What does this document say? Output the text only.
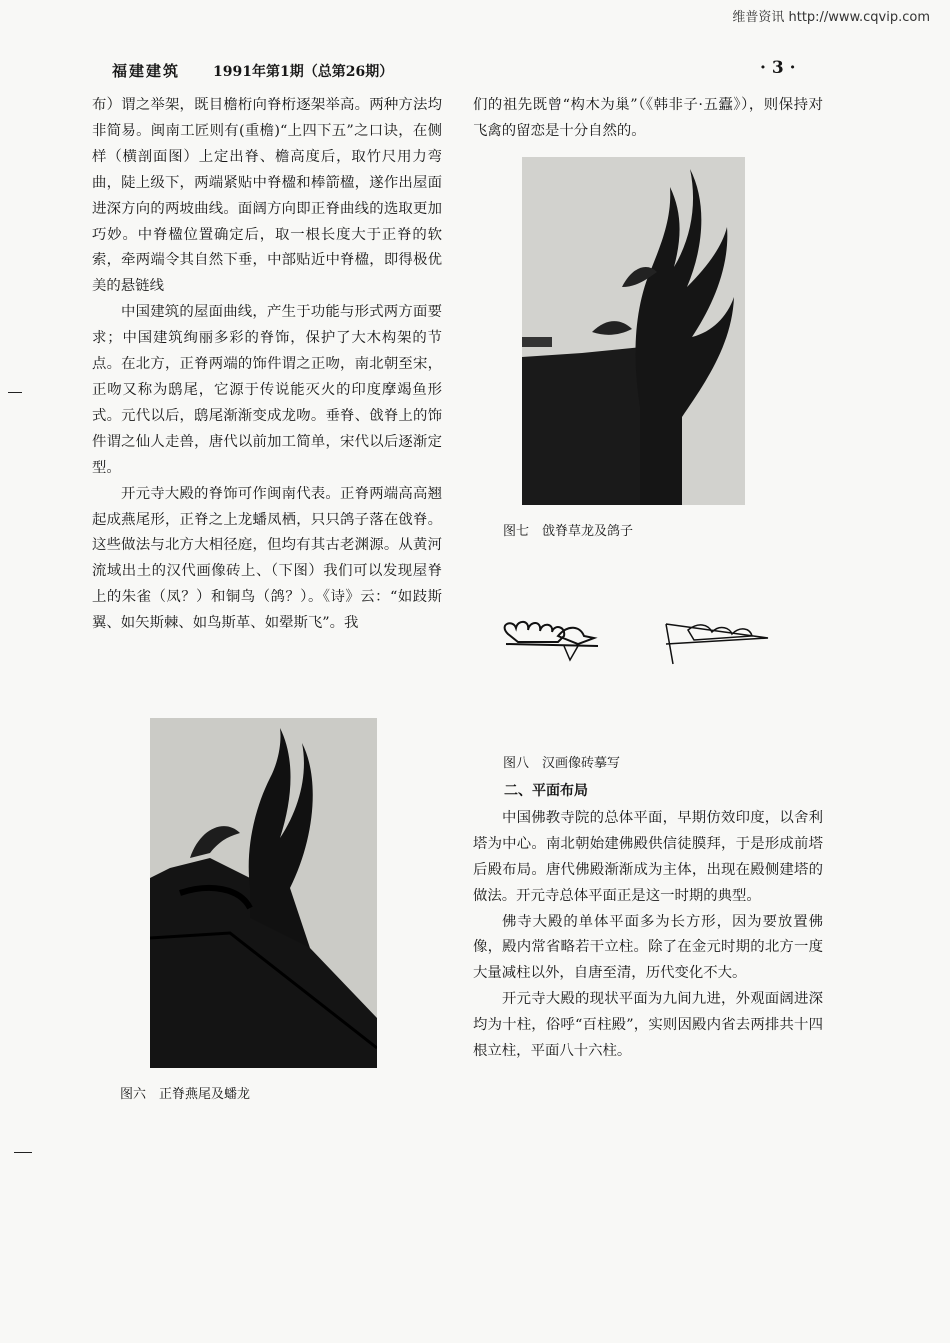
维普资讯 http://www.cqvip.com
福建建筑 1991年第1期（总第26期）	· 3 ·

布）谓之举架，既目檐桁向脊桁逐架举高。两种方法均非简易。闽南工匠则有(重檐)“上四下五”之口诀，在侧样（横剖面图）上定出脊、檐高度后，取竹尺用力弯曲，陡上级下，两端紧贴中脊楹和棒箭楹，遂作出屋面进深方向的两坡曲线。面阔方向即正脊曲线的选取更加巧妙。中脊楹位置确定后，取一根长度大于正脊的软索，牵两端令其自然下垂，中部贴近中脊楹，即得极优美的悬链线

中国建筑的屋面曲线，产生于功能与形式两方面要求；中国建筑绚丽多彩的脊饰，保护了大木构架的节点。在北方，正脊两端的饰件谓之正吻，南北朝至宋，正吻又称为鸱尾，它源于传说能灭火的印度摩竭鱼形式。元代以后，鸱尾渐渐变成龙吻。垂脊、戗脊上的饰件谓之仙人走兽，唐代以前加工简单，宋代以后逐渐定型。

开元寺大殿的脊饰可作闽南代表。正脊两端高高翘起成燕尾形，正脊之上龙蟠凤栖，只只鸽子落在戗脊。这些做法与北方大相径庭，但均有其古老渊源。从黄河流域出土的汉代画像砖上、（下图）我们可以发现屋脊上的朱雀（凤？）和铜鸟（鸽？）。《诗》云：“如跂斯翼、如矢斯棘、如鸟斯革、如翚斯飞”。我

们的祖先既曾“构木为巢”（《韩非子·五蠹》），则保持对飞禽的留恋是十分自然的。

图七　戗脊草龙及鸽子
图八　汉画像砖摹写

二、平面布局

中国佛教寺院的总体平面，早期仿效印度，以舍利塔为中心。南北朝始建佛殿供信徒膜拜，于是形成前塔后殿布局。唐代佛殿渐渐成为主体，出现在殿侧建塔的做法。开元寺总体平面正是这一时期的典型。

佛寺大殿的单体平面多为长方形，因为要放置佛像，殿内常省略若干立柱。除了在金元时期的北方一度大量减柱以外，自唐至清，历代变化不大。

开元寺大殿的现状平面为九间九进，外观面阔进深均为十柱，俗呼“百柱殿”，实则因殿内省去两排共十四根立柱，平面八十六柱。

图六　正脊燕尾及蟠龙
